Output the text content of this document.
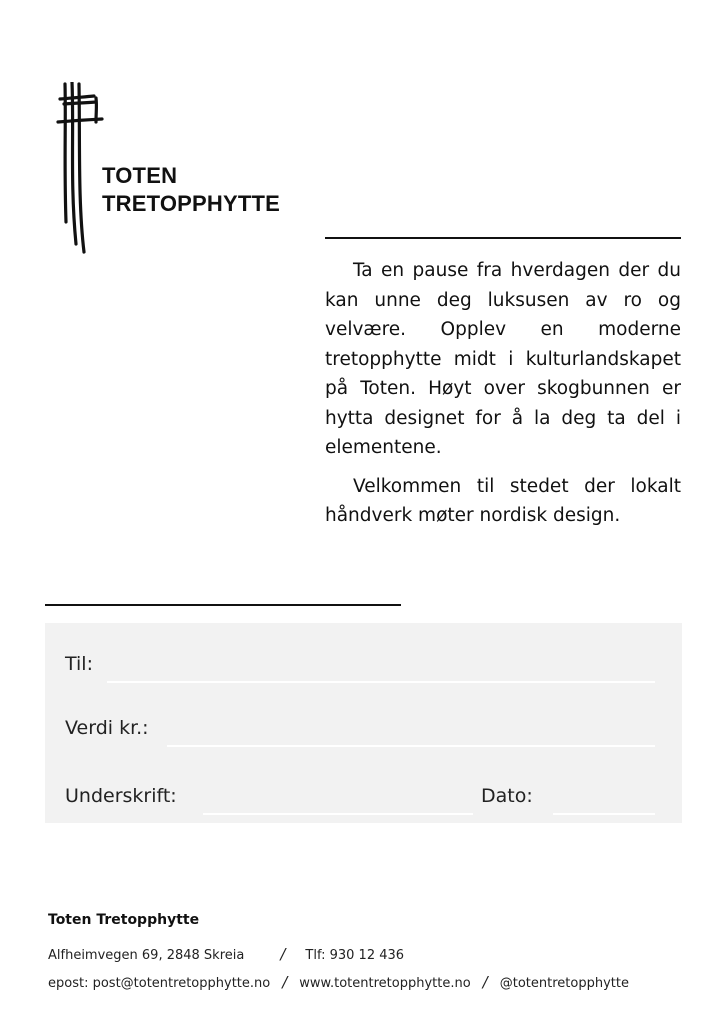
TOTEN
TRETOPPHYTTE

Ta en pause fra hverdagen der du kan unne deg luksusen av ro og velvære. Opplev en moderne tretopphytte midt i kulturlandskapet på Toten. Høyt over skogbunnen er hytta designet for å la deg ta del i elementene.

Velkommen til stedet der lokalt håndverk møter nordisk design.

Til:
Verdi kr.:
Underskrift:	Dato:
Toten Tretopphytte
Alfheimvegen 69, 2848 Skreia / Tlf: 930 12 436
epost: post@totentretopphytte.no / www.totentretopphytte.no / @totentretopphytte
